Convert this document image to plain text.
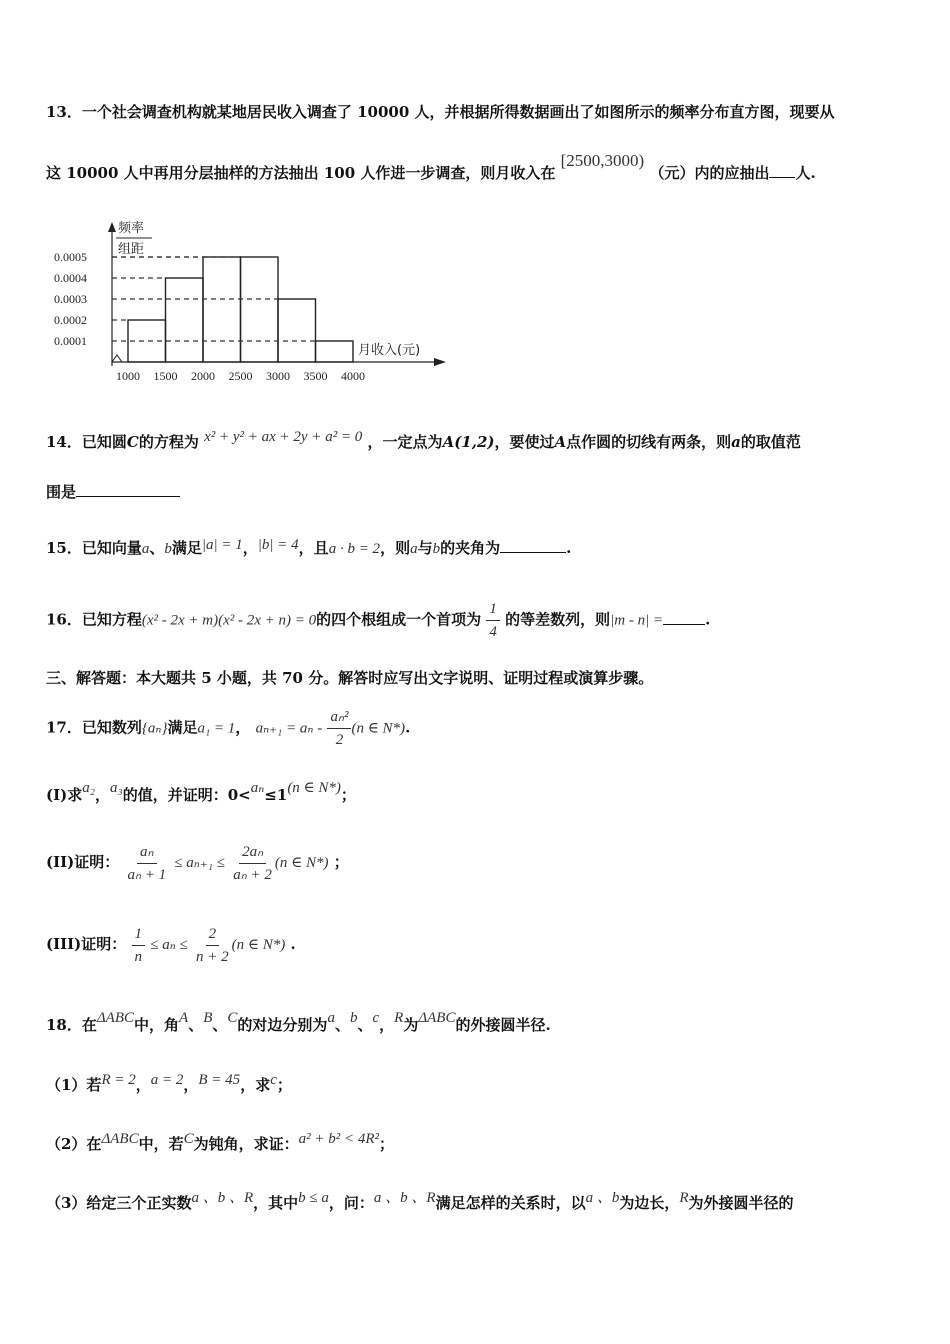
13．一个社会调查机构就某地居民收入调查了 10000 人，并根据所得数据画出了如图所示的频率分布直方图，现要从
这 10000 人中再用分层抽样的方法抽出 100 人作进一步调查，则月收入在 [2500,3000) （元）内的应抽出 人.
0.0001
0.0002
0.0003
0.0004
0.0005
1000 1500 2000 2500 3000 3500 4000
频率
组距
月收入(元)
14．已知圆C的方程为 x² + y² + ax + 2y + a² = 0 ，一定点为A(1,2)，要使过A点作圆的切线有两条，则a的取值范
围是
15．已知向量a、b满足|a| = 1，|b| = 4，且a · b = 2，则a与b的夹角为	.
16．已知方程(x² - 2x + m)(x² - 2x + n) = 0的四个根组成一个首项为 $\frac{1}{4}$ 的等差数列，则|m - n| =	.
三、解答题：本大题共 5 小题，共 70 分。解答时应写出文字说明、证明过程或演算步骤。
17．已知数列{aₙ}满足a₁ = 1， $a_{n+1} = a_n - \frac{\text{aₙ²}}{2} (n$ ∈ N*).
(I)求a₂，a₃的值，并证明：0<aₙ≤1(n ∈ N*)；
(II)证明： $\frac{\text{aₙ}}{\text{aₙ + 1}} \le a_{n+1} \le \frac{\text{2aₙ}}{\text{aₙ + 2}} (n$ ∈ N*) ；
(III)证明： $\frac{1}{n} \le a_n \le \frac{2}{n + 2} (n$ ∈ N*) .
18．在ΔABC中，角A、B、C的对边分别为a、b、c，R为ΔABC的外接圆半径.
（1）若R = 2，a = 2，B = 45，求c；
（2）在ΔABC中，若C为钝角，求证：a² + b² < 4R²；
（3）给定三个正实数a 、b 、R，其中b ≤ a，问：a 、b 、R满足怎样的关系时，以a 、b为边长，R为外接圆半径的
